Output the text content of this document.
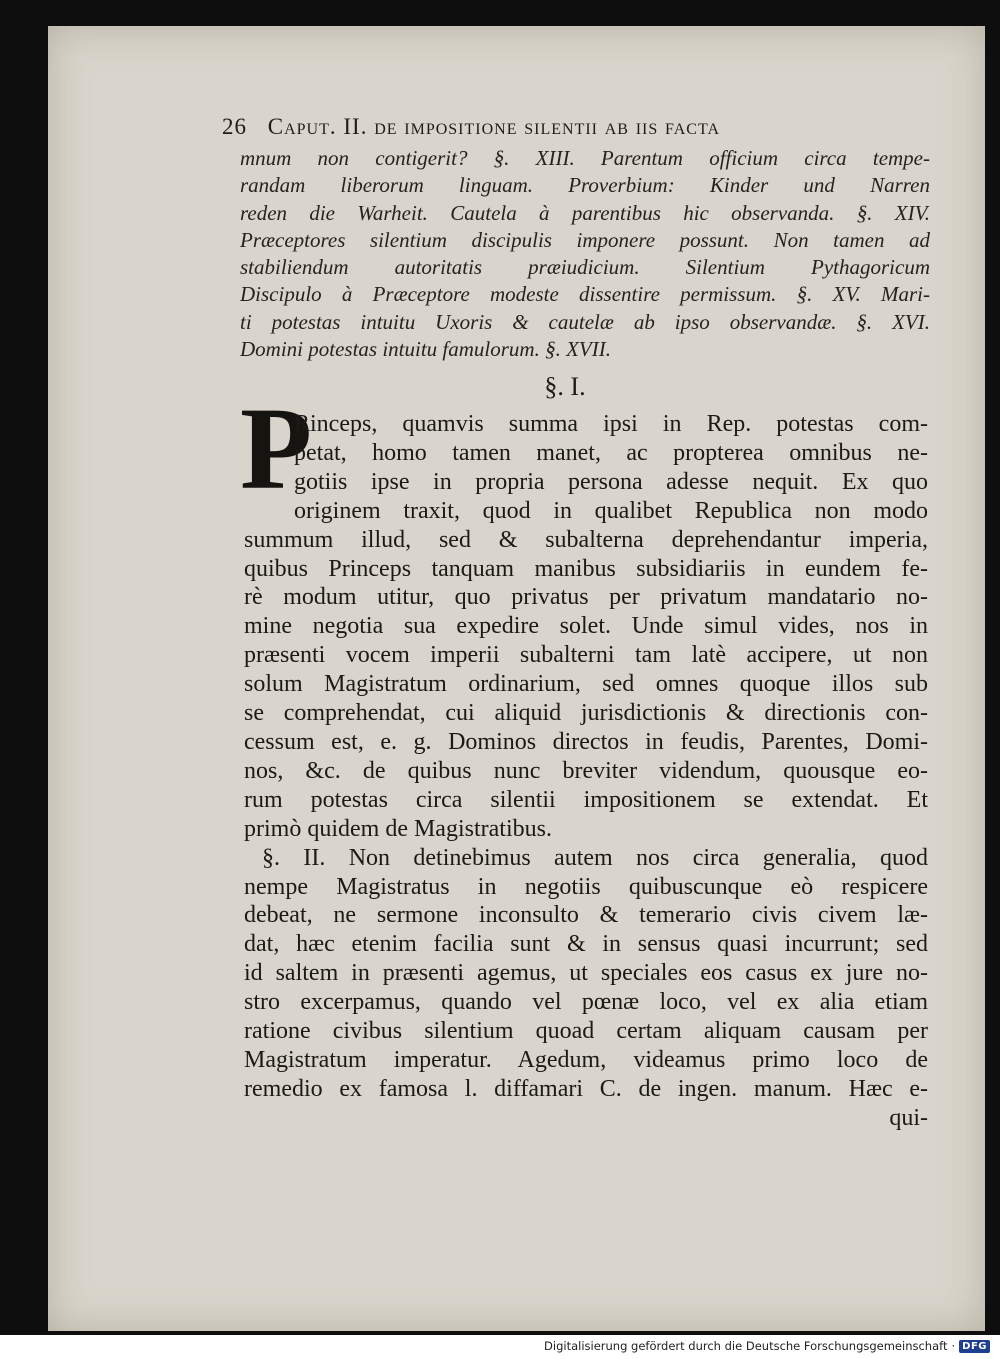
26 Caput. II. de impositione silentii ab iis facta
mnum non contigerit? §. XIII. Parentum officium circa tempe-
randam liberorum linguam. Proverbium: Kinder und Narren
reden die Warheit. Cautela à parentibus hic observanda. §. XIV.
Præceptores silentium discipulis imponere possunt. Non tamen ad
stabiliendum autoritatis præiudicium. Silentium Pythagoricum
Discipulo à Præceptore modeste dissentire permissum. §. XV. Mari-
ti potestas intuitu Uxoris & cautelæ ab ipso observandæ. §. XVI.
Domini potestas intuitu famulorum. §. XVII.
§. I.
P
Rinceps, quamvis summa ipsi in Rep. potestas com-
petat, homo tamen manet, ac propterea omnibus ne-
gotiis ipse in propria persona adesse nequit. Ex quo
originem traxit, quod in qualibet Republica non modo
summum illud, sed & subalterna deprehendantur imperia,
quibus Princeps tanquam manibus subsidiariis in eundem fe-
rè modum utitur, quo privatus per privatum mandatario no-
mine negotia sua expedire solet. Unde simul vides, nos in
præsenti vocem imperii subalterni tam latè accipere, ut non
solum Magistratum ordinarium, sed omnes quoque illos sub
se comprehendat, cui aliquid jurisdictionis & directionis con-
cessum est, e. g. Dominos directos in feudis, Parentes, Domi-
nos, &c. de quibus nunc breviter videndum, quousque eo-
rum potestas circa silentii impositionem se extendat. Et
primò quidem de Magistratibus.
§. II. Non detinebimus autem nos circa generalia, quod
nempe Magistratus in negotiis quibuscunque eò respicere
debeat, ne sermone inconsulto & temerario civis civem læ-
dat, hæc etenim facilia sunt & in sensus quasi incurrunt; sed
id saltem in præsenti agemus, ut speciales eos casus ex jure no-
stro excerpamus, quando vel pœnæ loco, vel ex alia etiam
ratione civibus silentium quoad certam aliquam causam per
Magistratum imperatur. Agedum, videamus primo loco de
remedio ex famosa l. diffamari C. de ingen. manum. Hæc e-
qui-
Digitalisierung gefördert durch die Deutsche Forschungsgemeinschaft · DFG
